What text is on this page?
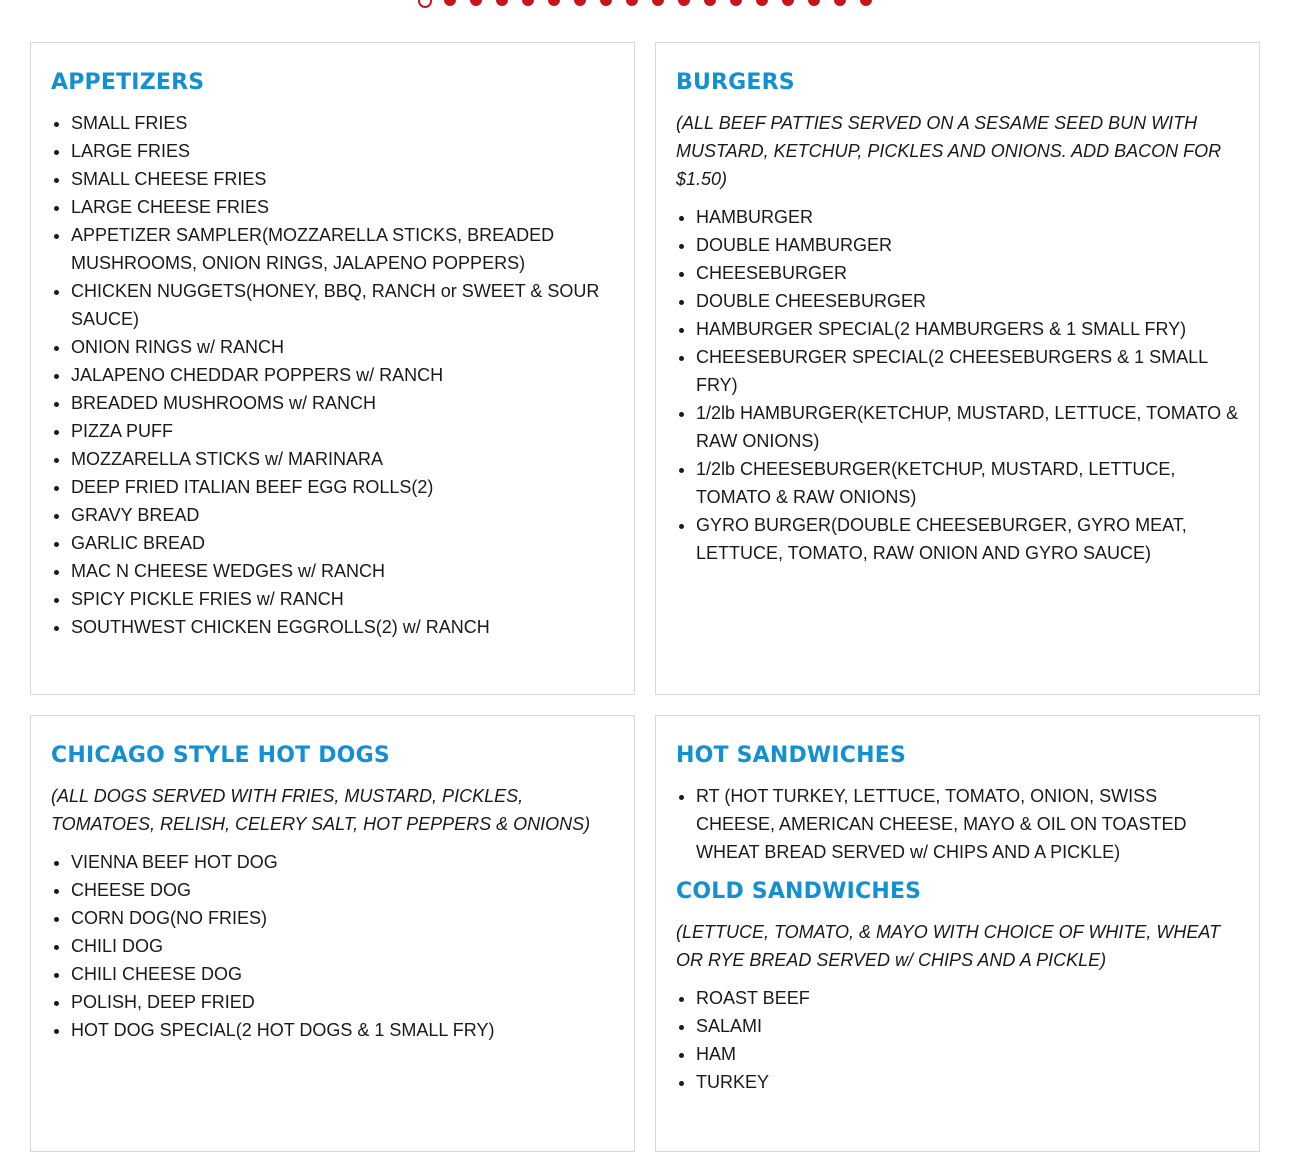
APPETIZERS
• SMALL FRIES
• LARGE FRIES
• SMALL CHEESE FRIES
• LARGE CHEESE FRIES
• APPETIZER SAMPLER(MOZZARELLA STICKS, BREADED MUSHROOMS, ONION RINGS, JALAPENO POPPERS)
• CHICKEN NUGGETS(HONEY, BBQ, RANCH or SWEET & SOUR SAUCE)
• ONION RINGS w/ RANCH
• JALAPENO CHEDDAR POPPERS w/ RANCH
• BREADED MUSHROOMS w/ RANCH
• PIZZA PUFF
• MOZZARELLA STICKS w/ MARINARA
• DEEP FRIED ITALIAN BEEF EGG ROLLS(2)
• GRAVY BREAD
• GARLIC BREAD
• MAC N CHEESE WEDGES w/ RANCH
• SPICY PICKLE FRIES w/ RANCH
• SOUTHWEST CHICKEN EGGROLLS(2) w/ RANCH
BURGERS
(ALL BEEF PATTIES SERVED ON A SESAME SEED BUN WITH MUSTARD, KETCHUP, PICKLES AND ONIONS. ADD BACON FOR $1.50)
• HAMBURGER
• DOUBLE HAMBURGER
• CHEESEBURGER
• DOUBLE CHEESEBURGER
• HAMBURGER SPECIAL(2 HAMBURGERS & 1 SMALL FRY)
• CHEESEBURGER SPECIAL(2 CHEESEBURGERS & 1 SMALL FRY)
• 1/2lb HAMBURGER(KETCHUP, MUSTARD, LETTUCE, TOMATO & RAW ONIONS)
• 1/2lb CHEESEBURGER(KETCHUP, MUSTARD, LETTUCE, TOMATO & RAW ONIONS)
• GYRO BURGER(DOUBLE CHEESEBURGER, GYRO MEAT, LETTUCE, TOMATO, RAW ONION AND GYRO SAUCE)
CHICAGO STYLE HOT DOGS
(ALL DOGS SERVED WITH FRIES, MUSTARD, PICKLES, TOMATOES, RELISH, CELERY SALT, HOT PEPPERS & ONIONS)
• VIENNA BEEF HOT DOG
• CHEESE DOG
• CORN DOG(NO FRIES)
• CHILI DOG
• CHILI CHEESE DOG
• POLISH, DEEP FRIED
• HOT DOG SPECIAL(2 HOT DOGS & 1 SMALL FRY)
HOT SANDWICHES
• RT (HOT TURKEY, LETTUCE, TOMATO, ONION, SWISS CHEESE, AMERICAN CHEESE, MAYO & OIL ON TOASTED WHEAT BREAD SERVED w/ CHIPS AND A PICKLE)
COLD SANDWICHES
(LETTUCE, TOMATO, & MAYO WITH CHOICE OF WHITE, WHEAT OR RYE BREAD SERVED w/ CHIPS AND A PICKLE)
• ROAST BEEF
• SALAMI
• HAM
• TURKEY
